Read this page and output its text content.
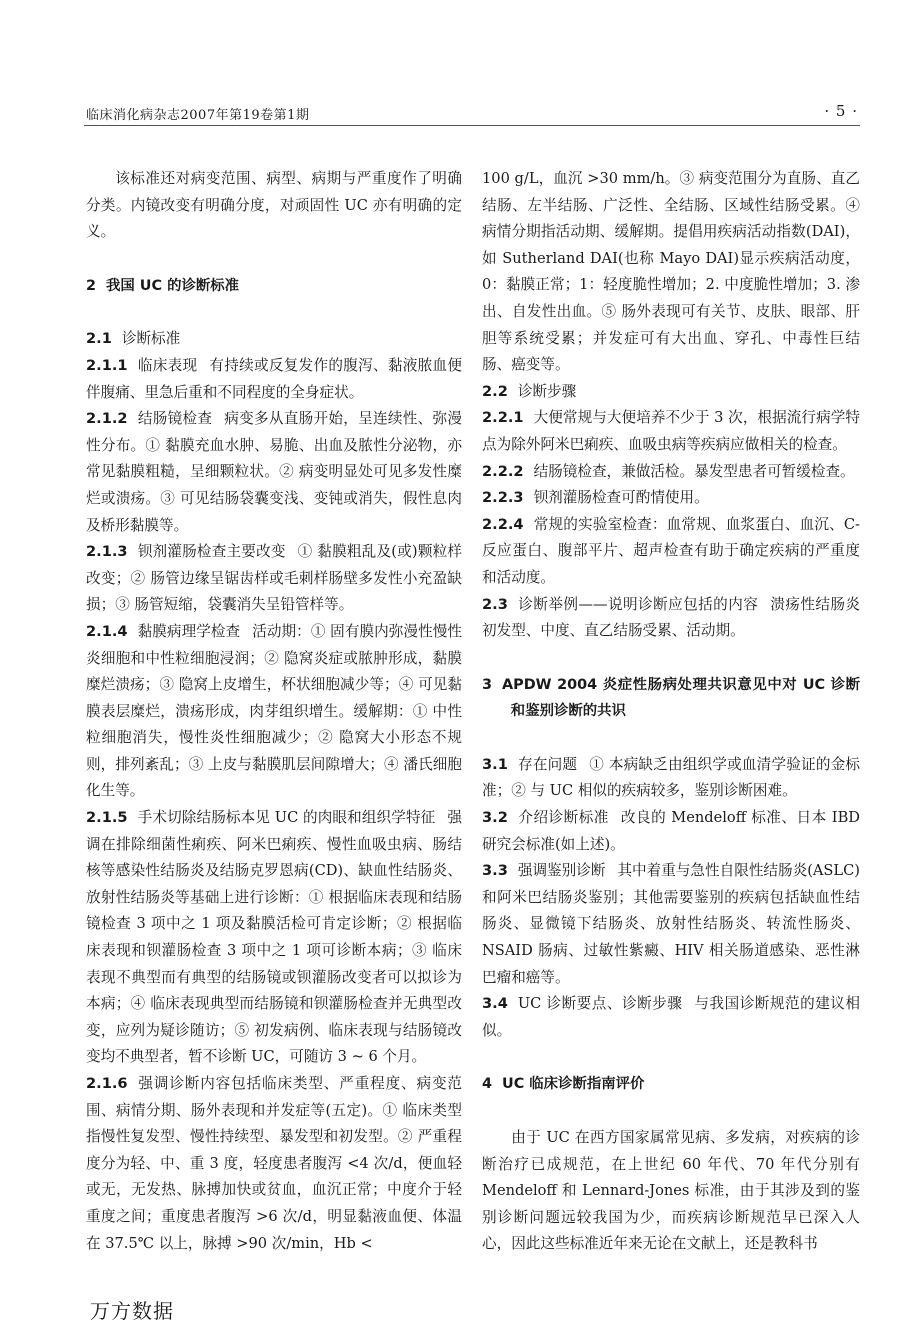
临床消化病杂志2007年第19卷第1期	· 5 ·

该标准还对病变范围、病型、病期与严重度作了明确分类。内镜改变有明确分度，对顽固性 UC 亦有明确的定义。

2 我国 UC 的诊断标准

2.1 诊断标准

2.1.1 临床表现 有持续或反复发作的腹泻、黏液脓血便伴腹痛、里急后重和不同程度的全身症状。

2.1.2 结肠镜检查 病变多从直肠开始，呈连续性、弥漫性分布。① 黏膜充血水肿、易脆、出血及脓性分泌物，亦常见黏膜粗糙，呈细颗粒状。② 病变明显处可见多发性糜烂或溃疡。③ 可见结肠袋囊变浅、变钝或消失，假性息肉及桥形黏膜等。

2.1.3 钡剂灌肠检查主要改变 ① 黏膜粗乱及(或)颗粒样改变；② 肠管边缘呈锯齿样或毛刺样肠壁多发性小充盈缺损；③ 肠管短缩，袋囊消失呈铅管样等。

2.1.4 黏膜病理学检查 活动期：① 固有膜内弥漫性慢性炎细胞和中性粒细胞浸润；② 隐窝炎症或脓肿形成，黏膜糜烂溃疡；③ 隐窝上皮增生，杯状细胞减少等；④ 可见黏膜表层糜烂，溃疡形成，肉芽组织增生。缓解期：① 中性粒细胞消失，慢性炎性细胞减少；② 隐窝大小形态不规则，排列紊乱；③ 上皮与黏膜肌层间隙增大；④ 潘氏细胞化生等。

2.1.5 手术切除结肠标本见 UC 的肉眼和组织学特征 强调在排除细菌性痢疾、阿米巴痢疾、慢性血吸虫病、肠结核等感染性结肠炎及结肠克罗恩病(CD)、缺血性结肠炎、放射性结肠炎等基础上进行诊断：① 根据临床表现和结肠镜检查 3 项中之 1 项及黏膜活检可肯定诊断；② 根据临床表现和钡灌肠检查 3 项中之 1 项可诊断本病；③ 临床表现不典型而有典型的结肠镜或钡灌肠改变者可以拟诊为本病；④ 临床表现典型而结肠镜和钡灌肠检查并无典型改变，应列为疑诊随访；⑤ 初发病例、临床表现与结肠镜改变均不典型者，暂不诊断 UC，可随访 3 ~ 6 个月。

2.1.6 强调诊断内容包括临床类型、严重程度、病变范围、病情分期、肠外表现和并发症等(五定)。① 临床类型指慢性复发型、慢性持续型、暴发型和初发型。② 严重程度分为轻、中、重 3 度，轻度患者腹泻 <4 次/d，便血轻或无，无发热、脉搏加快或贫血，血沉正常；中度介于轻重度之间；重度患者腹泻 >6 次/d，明显黏液血便、体温在 37.5℃ 以上，脉搏 >90 次/min，Hb <

100 g/L，血沉 >30 mm/h。③ 病变范围分为直肠、直乙结肠、左半结肠、广泛性、全结肠、区域性结肠受累。④ 病情分期指活动期、缓解期。提倡用疾病活动指数(DAI)，如 Sutherland DAI(也称 Mayo DAI)显示疾病活动度，0：黏膜正常；1：轻度脆性增加；2. 中度脆性增加；3. 渗出、自发性出血。⑤ 肠外表现可有关节、皮肤、眼部、肝胆等系统受累；并发症可有大出血、穿孔、中毒性巨结肠、癌变等。

2.2 诊断步骤

2.2.1 大便常规与大便培养不少于 3 次，根据流行病学特点为除外阿米巴痢疾、血吸虫病等疾病应做相关的检查。

2.2.2 结肠镜检查，兼做活检。暴发型患者可暂缓检查。

2.2.3 钡剂灌肠检查可酌情使用。

2.2.4 常规的实验室检查：血常规、血浆蛋白、血沉、C-反应蛋白、腹部平片、超声检查有助于确定疾病的严重度和活动度。

2.3 诊断举例——说明诊断应包括的内容 溃疡性结肠炎初发型、中度、直乙结肠受累、活动期。

3 APDW 2004 炎症性肠病处理共识意见中对 UC 诊断和鉴别诊断的共识

3.1 存在问题 ① 本病缺乏由组织学或血清学验证的金标准；② 与 UC 相似的疾病较多，鉴别诊断困难。

3.2 介绍诊断标准 改良的 Mendeloff 标准、日本 IBD 研究会标准(如上述)。

3.3 强调鉴别诊断 其中着重与急性自限性结肠炎(ASLC)和阿米巴结肠炎鉴别；其他需要鉴别的疾病包括缺血性结肠炎、显微镜下结肠炎、放射性结肠炎、转流性肠炎、NSAID 肠病、过敏性紫癜、HIV 相关肠道感染、恶性淋巴瘤和癌等。

3.4 UC 诊断要点、诊断步骤 与我国诊断规范的建议相似。

4 UC 临床诊断指南评价

由于 UC 在西方国家属常见病、多发病，对疾病的诊断治疗已成规范，在上世纪 60 年代、70 年代分别有 Mendeloff 和 Lennard-Jones 标准，由于其涉及到的鉴别诊断问题远较我国为少，而疾病诊断规范早已深入人心，因此这些标准近年来无论在文献上，还是教科书

万方数据
